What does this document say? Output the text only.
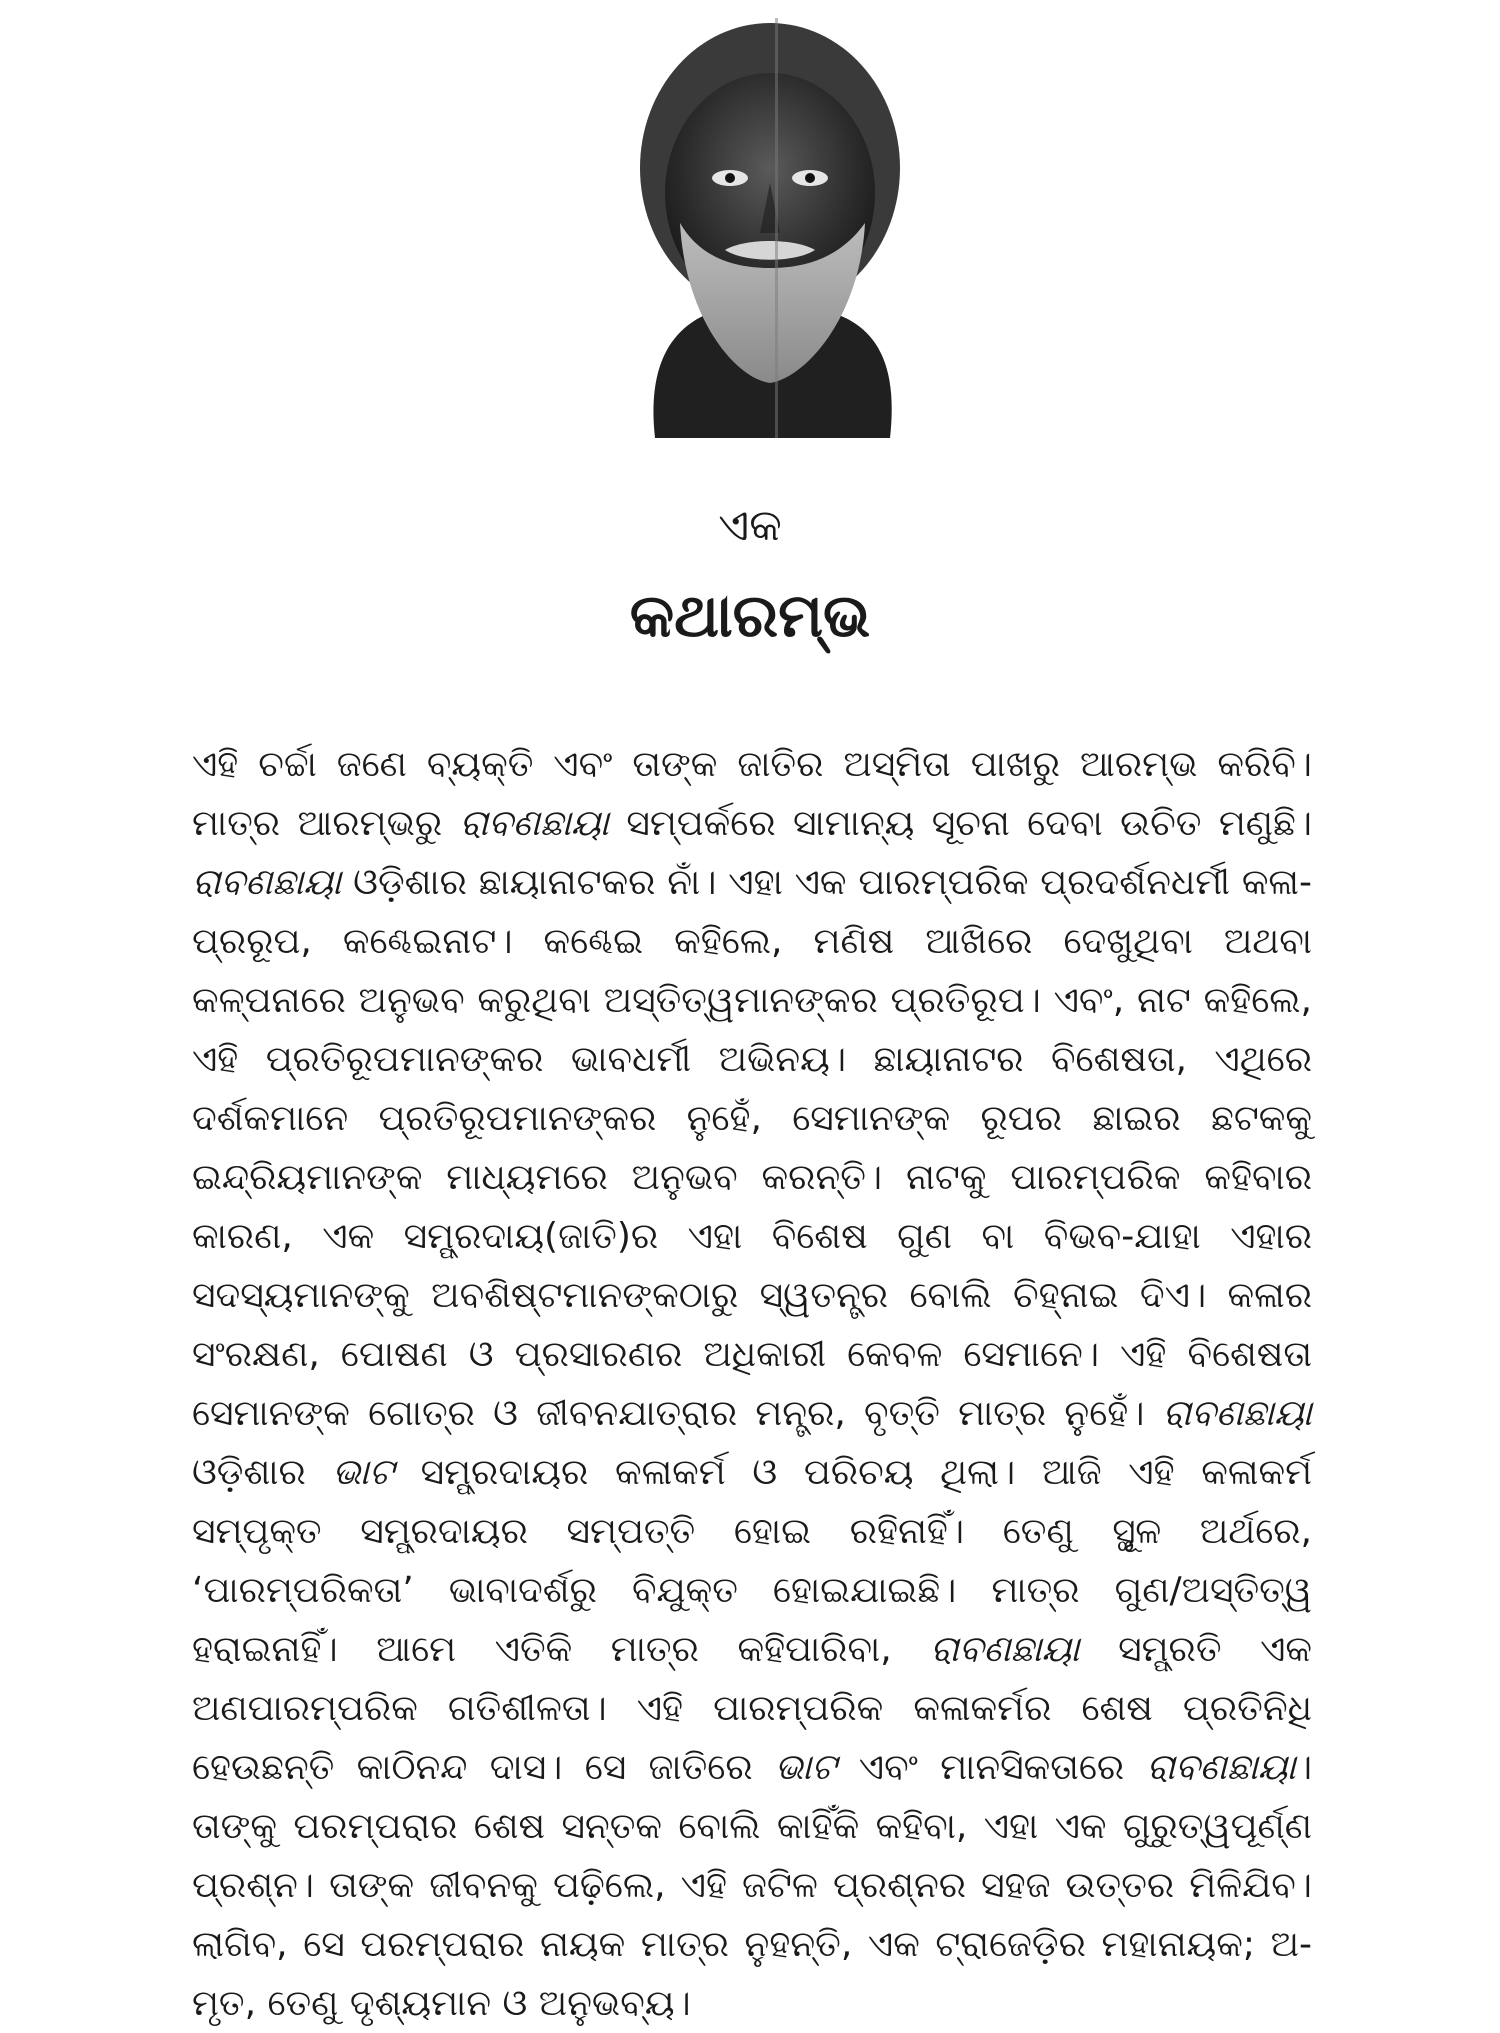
ଏକ
କଥାରମ୍ଭ

ଏହି ଚର୍ଚ୍ଚା ଜଣେ ବ୍ୟକ୍ତି ଏବଂ ତାଙ୍କ ଜାତିର ଅସ୍ମିତା ପାଖରୁ ଆରମ୍ଭ କରିବି। ମାତ୍ର ଆରମ୍ଭରୁ ରାବଣଛାୟା ସମ୍ପର୍କରେ ସାମାନ୍ୟ ସୂଚନା ଦେବା ଉଚିତ ମଣୁଛି। ରାବଣଛାୟା ଓଡ଼ିଶାର ଛାୟାନାଟକର ନାଁ। ଏହା ଏକ ପାରମ୍ପରିକ ପ୍ରଦର୍ଶନଧର୍ମୀ କଳା-ପ୍ରରୂପ, କଣ୍ଢେଇନାଟ। କଣ୍ଢେଇ କହିଲେ, ମଣିଷ ଆଖିରେ ଦେଖୁଥିବା ଅଥବା କଳ୍ପନାରେ ଅନୁଭବ କରୁଥିବା ଅସ୍ତିତ୍ୱମାନଙ୍କର ପ୍ରତିରୂପ। ଏବଂ, ନାଟ କହିଲେ, ଏହି ପ୍ରତିରୂପମାନଙ୍କର ଭାବଧର୍ମୀ ଅଭିନୟ। ଛାୟାନାଟର ବିଶେଷତା, ଏଥିରେ ଦର୍ଶକମାନେ ପ୍ରତିରୂପମାନଙ୍କର ନୁହେଁ, ସେମାନଙ୍କ ରୂପର ଛାଇର ଛଟକକୁ ଇନ୍ଦ୍ରିୟମାନଙ୍କ ମାଧ୍ୟମରେ ଅନୁଭବ କରନ୍ତି। ନାଟକୁ ପାରମ୍ପରିକ କହିବାର କାରଣ, ଏକ ସମ୍ପ୍ରଦାୟ(ଜାତି)ର ଏହା ବିଶେଷ ଗୁଣ ବା ବିଭବ-ଯାହା ଏହାର ସଦସ୍ୟମାନଙ୍କୁ ଅବଶିଷ୍ଟମାନଙ୍କଠାରୁ ସ୍ୱତନ୍ତ୍ର ବୋଲି ଚିହ୍ନାଇ ଦିଏ। କଳାର ସଂରକ୍ଷଣ, ପୋଷଣ ଓ ପ୍ରସାରଣର ଅଧିକାରୀ କେବଳ ସେମାନେ। ଏହି ବିଶେଷତା ସେମାନଙ୍କ ଗୋତ୍ର ଓ ଜୀବନଯାତ୍ରାର ମନ୍ତ୍ର, ବୃତ୍ତି ମାତ୍ର ନୁହେଁ। ରାବଣଛାୟା ଓଡ଼ିଶାର ଭାଟ ସମ୍ପ୍ରଦାୟର କଳାକର୍ମ ଓ ପରିଚୟ ଥିଲା। ଆଜି ଏହି କଳାକର୍ମ ସମ୍ପୃକ୍ତ ସମ୍ପ୍ରଦାୟର ସମ୍ପତ୍ତି ହୋଇ ରହିନାହିଁ। ତେଣୁ ସ୍ଥୂଳ ଅର୍ଥରେ, ‘ପାରମ୍ପରିକତା’ ଭାବାଦର୍ଶରୁ ବିଯୁକ୍ତ ହୋଇଯାଇଛି। ମାତ୍ର ଗୁଣ/ଅସ୍ତିତ୍ୱ ହରାଇନାହିଁ। ଆମେ ଏତିକି ମାତ୍ର କହିପାରିବା, ରାବଣଛାୟା ସମ୍ପ୍ରତି ଏକ ଅଣପାରମ୍ପରିକ ଗତିଶୀଳତା। ଏହି ପାରମ୍ପରିକ କଳାକର୍ମର ଶେଷ ପ୍ରତିନିଧି ହେଉଛନ୍ତି କାଠିନନ୍ଦ ଦାସ। ସେ ଜାତିରେ ଭାଟ ଏବଂ ମାନସିକତାରେ ରାବଣଛାୟା। ତାଙ୍କୁ ପରମ୍ପରାର ଶେଷ ସନ୍ତକ ବୋଲି କାହିଁକି କହିବା, ଏହା ଏକ ଗୁରୁତ୍ୱପୂର୍ଣ୍ଣ ପ୍ରଶ୍ନ। ତାଙ୍କ ଜୀବନକୁ ପଢ଼ିଲେ, ଏହି ଜଟିଳ ପ୍ରଶ୍ନର ସହଜ ଉତ୍ତର ମିଳିଯିବ। ଲାଗିବ, ସେ ପରମ୍ପରାର ନାୟକ ମାତ୍ର ନୁହନ୍ତି, ଏକ ଟ୍ରାଜେଡ଼ିର ମହାନାୟକ; ଅ-ମୃତ, ତେଣୁ ଦୃଶ୍ୟମାନ ଓ ଅନୁଭବ୍ୟ।
